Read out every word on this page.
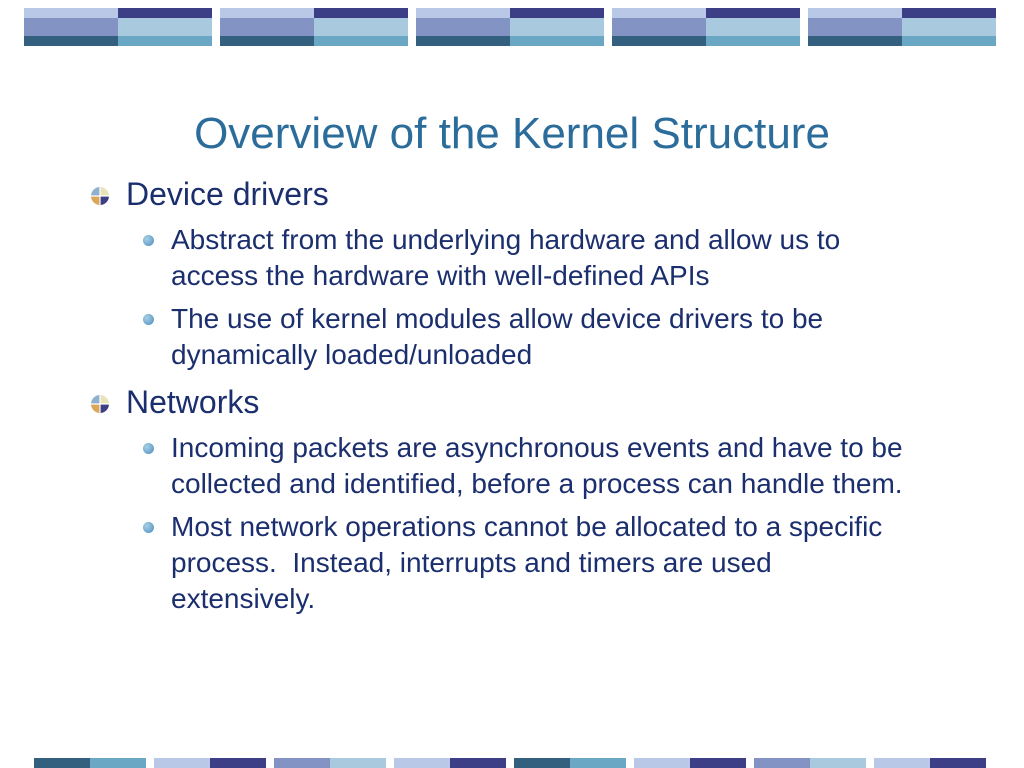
Overview of the Kernel Structure
Device drivers
Abstract from the underlying hardware and allow us to access the hardware with well-defined APIs
The use of kernel modules allow device drivers to be dynamically loaded/unloaded
Networks
Incoming packets are asynchronous events and have to be collected and identified, before a process can handle them.
Most network operations cannot be allocated to a specific process.  Instead, interrupts and timers are used extensively.
